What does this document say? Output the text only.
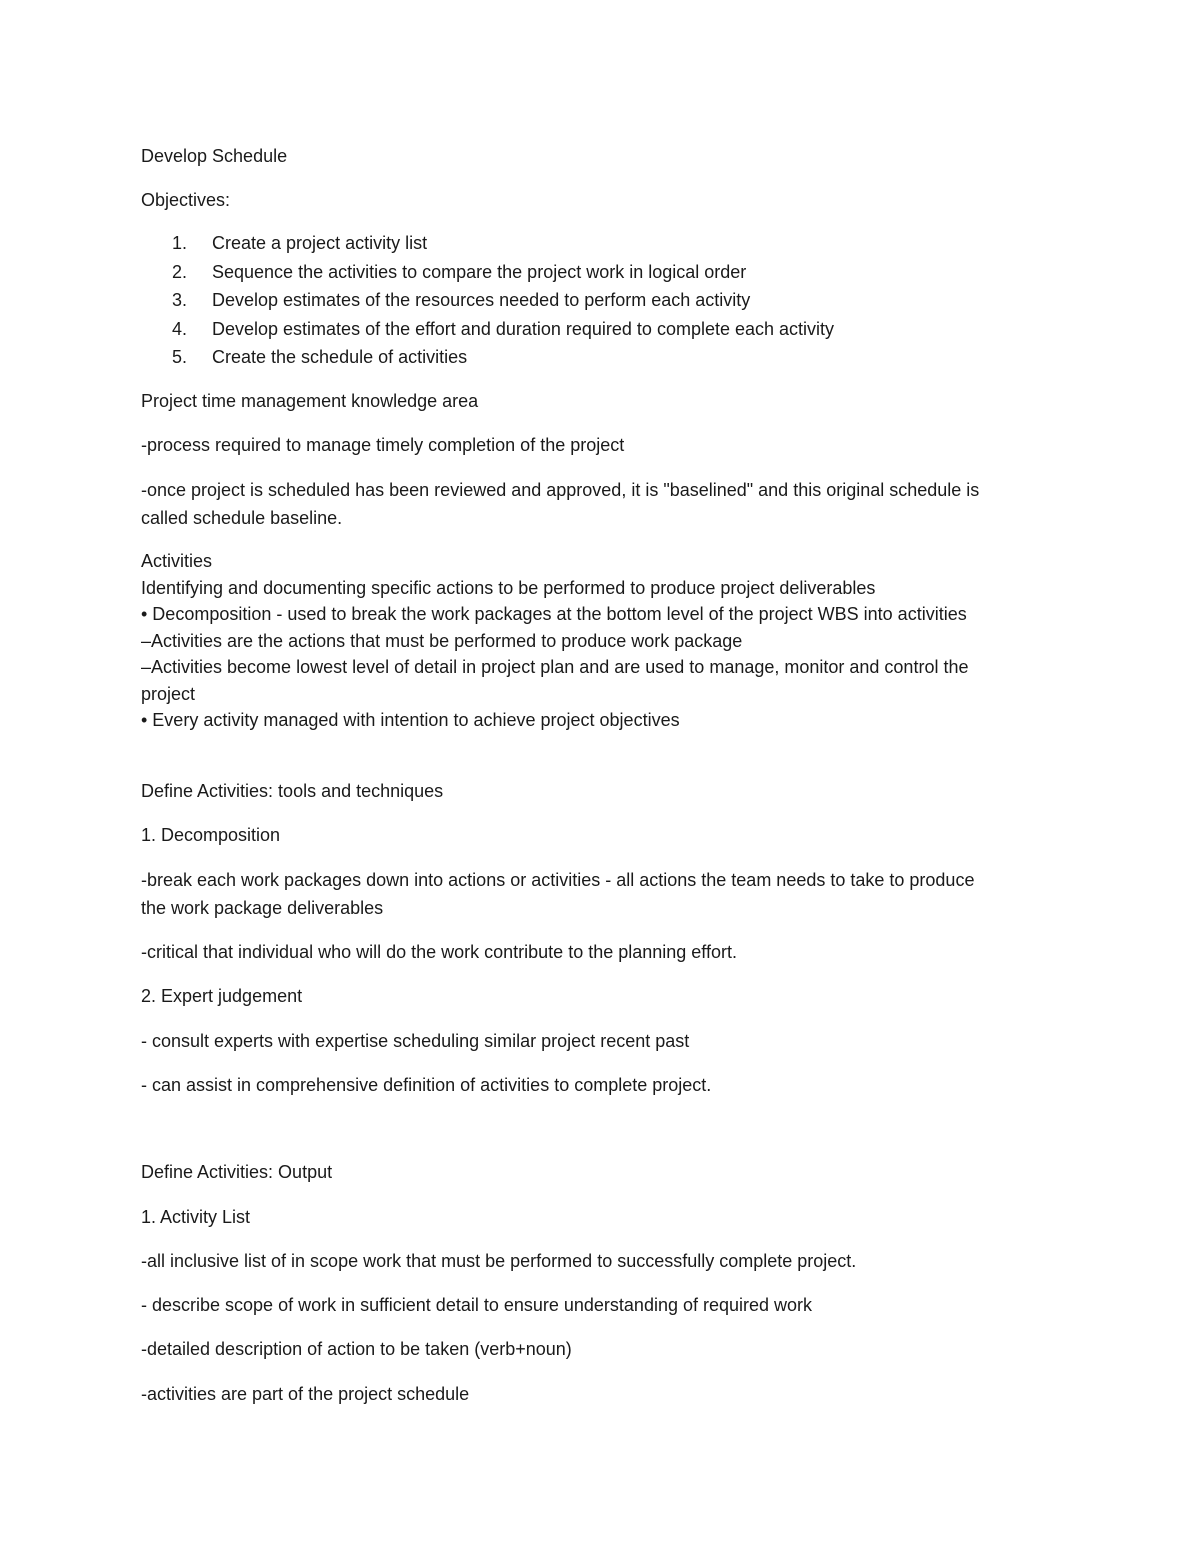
Develop Schedule
Objectives:
1. Create a project activity list
2. Sequence the activities to compare the project work in logical order
3. Develop estimates of the resources needed to perform each activity
4. Develop estimates of the effort and duration required to complete each activity
5. Create the schedule of activities
Project time management knowledge area
-process required to manage timely completion of the project
-once project is scheduled has been reviewed and approved, it is "baselined" and this original schedule is
called schedule baseline.
Activities
Identifying and documenting specific actions to be performed to produce project deliverables
• Decomposition - used to break the work packages at the bottom level of the project WBS into activities
–Activities are the actions that must be performed to produce work package
–Activities become lowest level of detail in project plan and are used to manage, monitor and control the
project
• Every activity managed with intention to achieve project objectives
Define Activities: tools and techniques
1. Decomposition
-break each work packages down into actions or activities - all actions the team needs to take to produce
the work package deliverables
-critical that individual who will do the work contribute to the planning effort.
2. Expert judgement
- consult experts with expertise scheduling similar project recent past
- can assist in comprehensive definition of activities to complete project.
Define Activities: Output
1. Activity List
-all inclusive list of in scope work that must be performed to successfully complete project.
- describe scope of work in sufficient detail to ensure understanding of required work
-detailed description of action to be taken (verb+noun)
-activities are part of the project schedule
